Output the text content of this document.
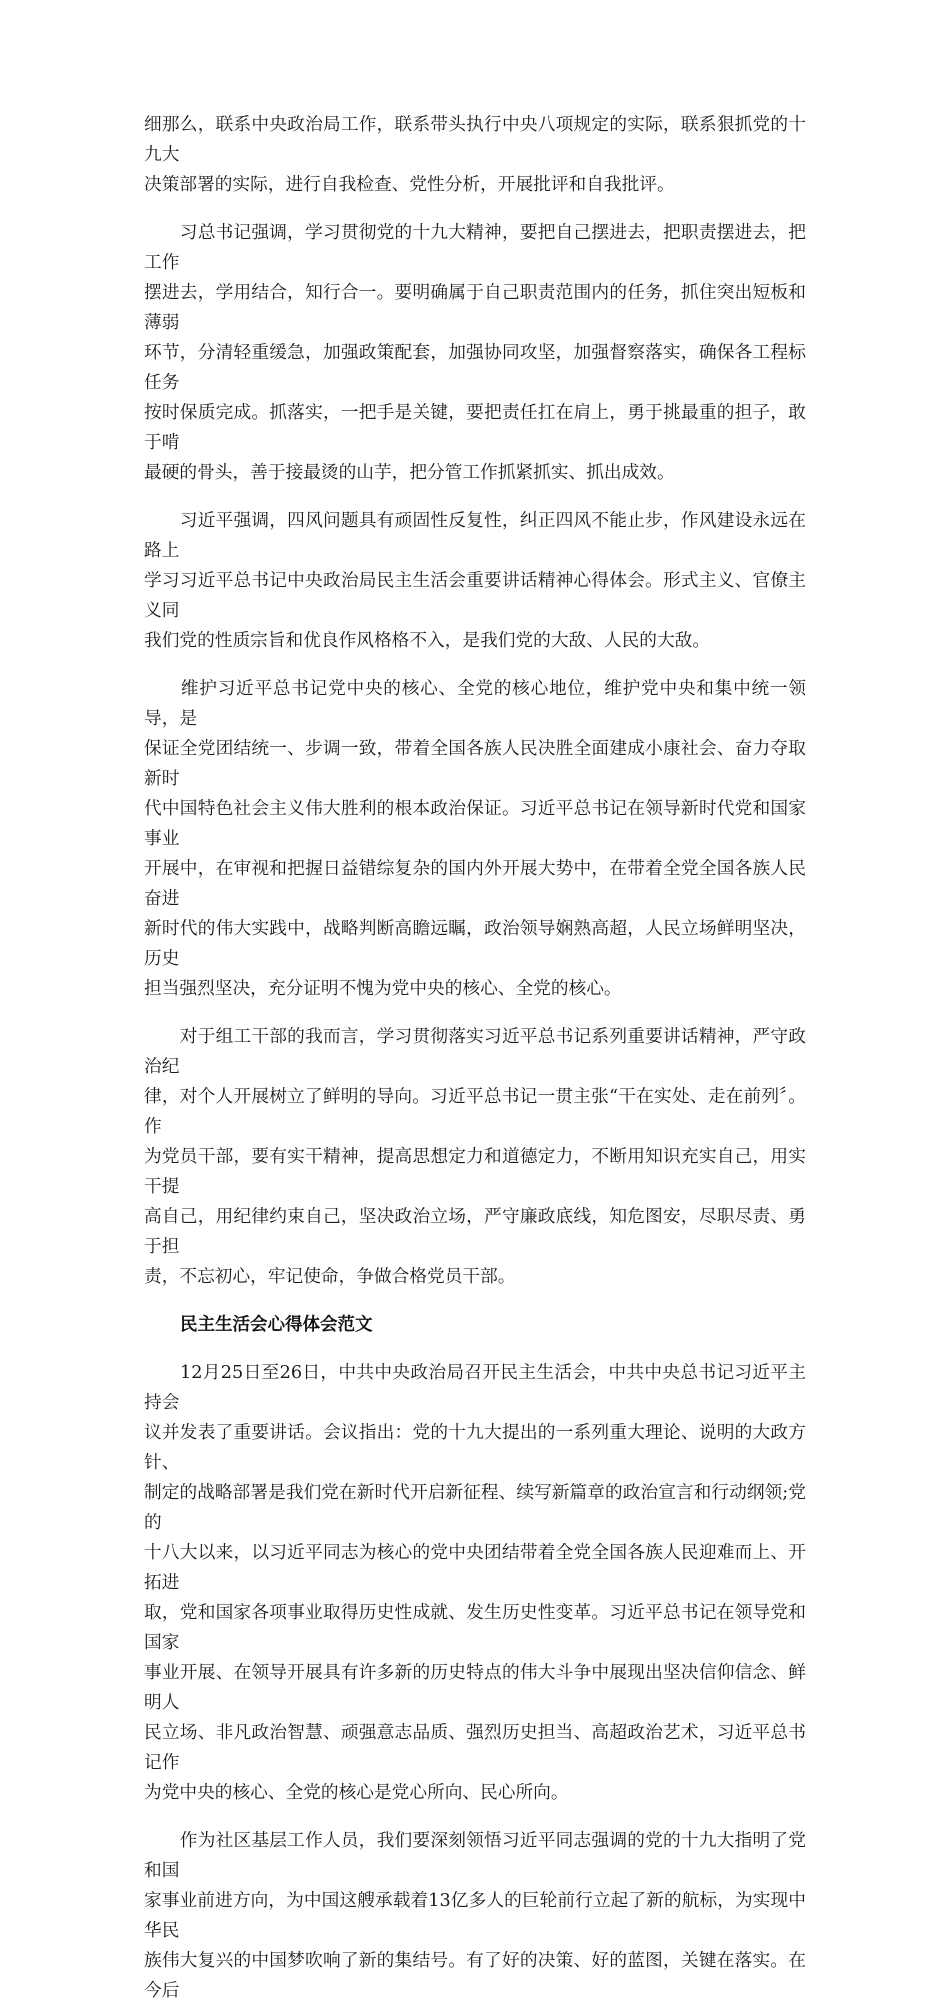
细那么，联系中央政治局工作，联系带头执行中央八项规定的实际，联系狠抓党的十九大
决策部署的实际，进行自我检查、党性分析，开展批评和自我批评。

　　习总书记强调，学习贯彻党的十九大精神，要把自己摆进去，把职责摆进去，把工作
摆进去，学用结合，知行合一。要明确属于自己职责范围内的任务，抓住突出短板和薄弱
环节，分清轻重缓急，加强政策配套，加强协同攻坚，加强督察落实，确保各工程标任务
按时保质完成。抓落实，一把手是关键，要把责任扛在肩上，勇于挑最重的担子，敢于啃
最硬的骨头，善于接最烫的山芋，把分管工作抓紧抓实、抓出成效。

　　习近平强调，四风问题具有顽固性反复性，纠正四风不能止步，作风建设永远在路上
学习习近平总书记中央政治局民主生活会重要讲话精神心得体会。形式主义、官僚主义同
我们党的性质宗旨和优良作风格格不入，是我们党的大敌、人民的大敌。

　　维护习近平总书记党中央的核心、全党的核心地位，维护党中央和集中统一领导，是
保证全党团结统一、步调一致，带着全国各族人民决胜全面建成小康社会、奋力夺取新时
代中国特色社会主义伟大胜利的根本政治保证。习近平总书记在领导新时代党和国家事业
开展中，在审视和把握日益错综复杂的国内外开展大势中，在带着全党全国各族人民奋进
新时代的伟大实践中，战略判断高瞻远瞩，政治领导娴熟高超，人民立场鲜明坚决，历史
担当强烈坚决，充分证明不愧为党中央的核心、全党的核心。

　　对于组工干部的我而言，学习贯彻落实习近平总书记系列重要讲话精神，严守政治纪
律，对个人开展树立了鲜明的导向。习近平总书记一贯主张“干在实处、走在前列〞。作
为党员干部，要有实干精神，提高思想定力和道德定力，不断用知识充实自己，用实干提
高自己，用纪律约束自己，坚决政治立场，严守廉政底线，知危图安，尽职尽责、勇于担
责，不忘初心，牢记使命，争做合格党员干部。

民主生活会心得体会范文

　　12月25日至26日，中共中央政治局召开民主生活会，中共中央总书记习近平主持会
议并发表了重要讲话。会议指出：党的十九大提出的一系列重大理论、说明的大政方针、
制定的战略部署是我们党在新时代开启新征程、续写新篇章的政治宣言和行动纲领;党的
十八大以来，以习近平同志为核心的党中央团结带着全党全国各族人民迎难而上、开拓进
取，党和国家各项事业取得历史性成就、发生历史性变革。习近平总书记在领导党和国家
事业开展、在领导开展具有许多新的历史特点的伟大斗争中展现出坚决信仰信念、鲜明人
民立场、非凡政治智慧、顽强意志品质、强烈历史担当、高超政治艺术，习近平总书记作
为党中央的核心、全党的核心是党心所向、民心所向。

　　作为社区基层工作人员，我们要深刻领悟习近平同志强调的党的十九大指明了党和国
家事业前进方向，为中国这艘承载着13亿多人的巨轮前行立起了新的航标，为实现中华民
族伟大复兴的中国梦吹响了新的集结号。有了好的决策、好的蓝图，关键在落实。在今后
